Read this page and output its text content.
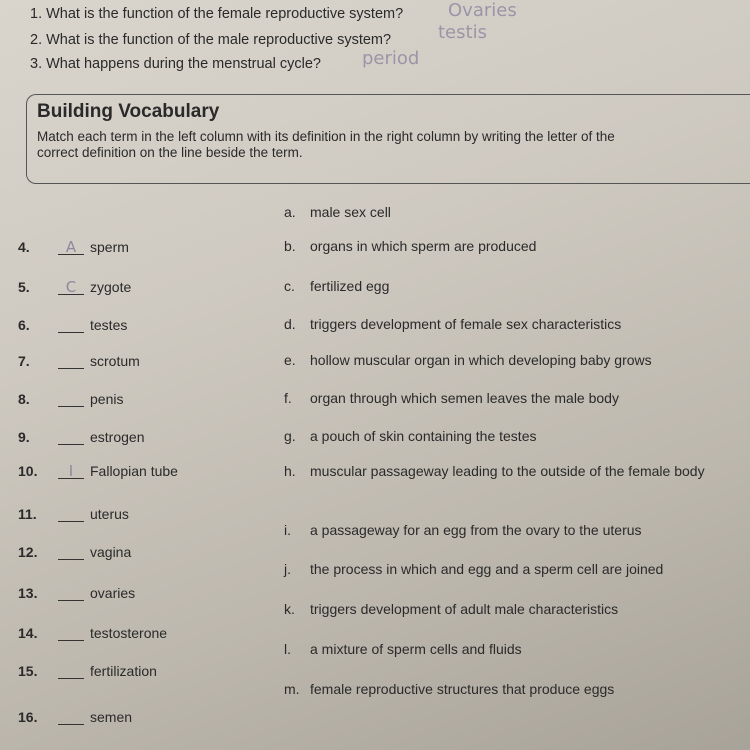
1. What is the function of the female reproductive system? Ovaries
2. What is the function of the male reproductive system?	testis
3. What happens during the menstrual cycle? period
Building Vocabulary
Match each term in the left column with its definition in the right column by writing the letter of the correct definition on the line beside the term.
4. A sperm
5. C zygote
6.	testes
7.	scrotum
8.	penis
9.	estrogen
10. I Fallopian tube
11.	uterus
12.	vagina
13.	ovaries
14.	testosterone
15.	fertilization
16.	semen
a. male sex cell
b. organs in which sperm are produced
c. fertilized egg
d. triggers development of female sex characteristics
e. hollow muscular organ in which developing baby grows
f. organ through which semen leaves the male body
g. a pouch of skin containing the testes
h. muscular passageway leading to the outside of the female body
i. a passageway for an egg from the ovary to the uterus
j. the process in which and egg and a sperm cell are joined
k. triggers development of adult male characteristics
l. a mixture of sperm cells and fluids
m. female reproductive structures that produce eggs
